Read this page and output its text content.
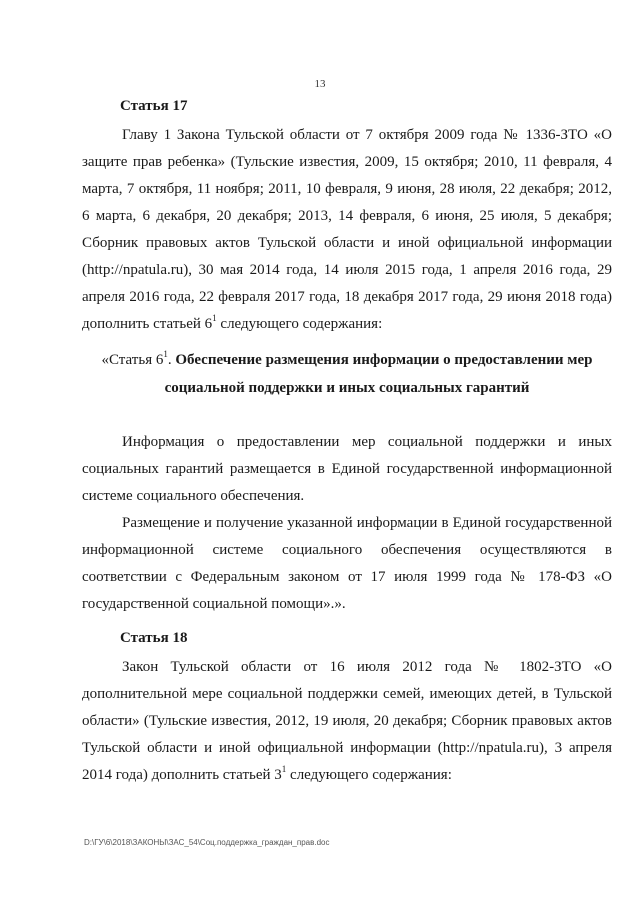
13
Статья 17
Главу 1 Закона Тульской области от 7 октября 2009 года № 1336-ЗТО «О защите прав ребенка» (Тульские известия, 2009, 15 октября; 2010, 11 февраля, 4 марта, 7 октября, 11 ноября; 2011, 10 февраля, 9 июня, 28 июля, 22 декабря; 2012, 6 марта, 6 декабря, 20 декабря; 2013, 14 февраля, 6 июня, 25 июля, 5 декабря; Сборник правовых актов Тульской области и иной официальной информации (http://npatula.ru), 30 мая 2014 года, 14 июля 2015 года, 1 апреля 2016 года, 29 апреля 2016 года, 22 февраля 2017 года, 18 декабря 2017 года, 29 июня 2018 года) дополнить статьей $6^1$ следующего содержания:
«Статья $6^1$. Обеспечение размещения информации о предоставлении мер социальной поддержки и иных социальных гарантий
Информация о предоставлении мер социальной поддержки и иных социальных гарантий размещается в Единой государственной информационной системе социального обеспечения.
Размещение и получение указанной информации в Единой государственной информационной системе социального обеспечения осуществляются в соответствии с Федеральным законом от 17 июля 1999 года № 178-ФЗ «О государственной социальной помощи».».
Статья 18
Закон Тульской области от 16 июля 2012 года № 1802-ЗТО «О дополнительной мере социальной поддержки семей, имеющих детей, в Тульской области» (Тульские известия, 2012, 19 июля, 20 декабря; Сборник правовых актов Тульской области и иной официальной информации (http://npatula.ru), 3 апреля 2014 года) дополнить статьей $3^1$ следующего содержания:
D:\ГУ\6\2018\ЗАКОНЫ\ЗАС_54\Соц.поддержка_граждан_прав.doc
